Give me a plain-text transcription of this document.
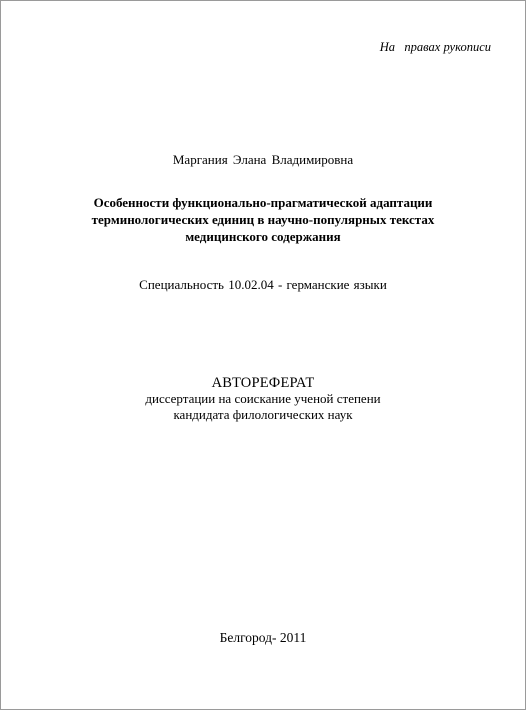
На   правах рукописи
Маргания Элана Владимировна
Особенности функционально-прагматической адаптации
терминологических единиц в научно-популярных текстах
медицинского содержания
Специальность 10.02.04 - германские языки
АВТОРЕФЕРАТ
диссертации на соискание ученой степени
кандидата филологических наук
Белгород- 2011
